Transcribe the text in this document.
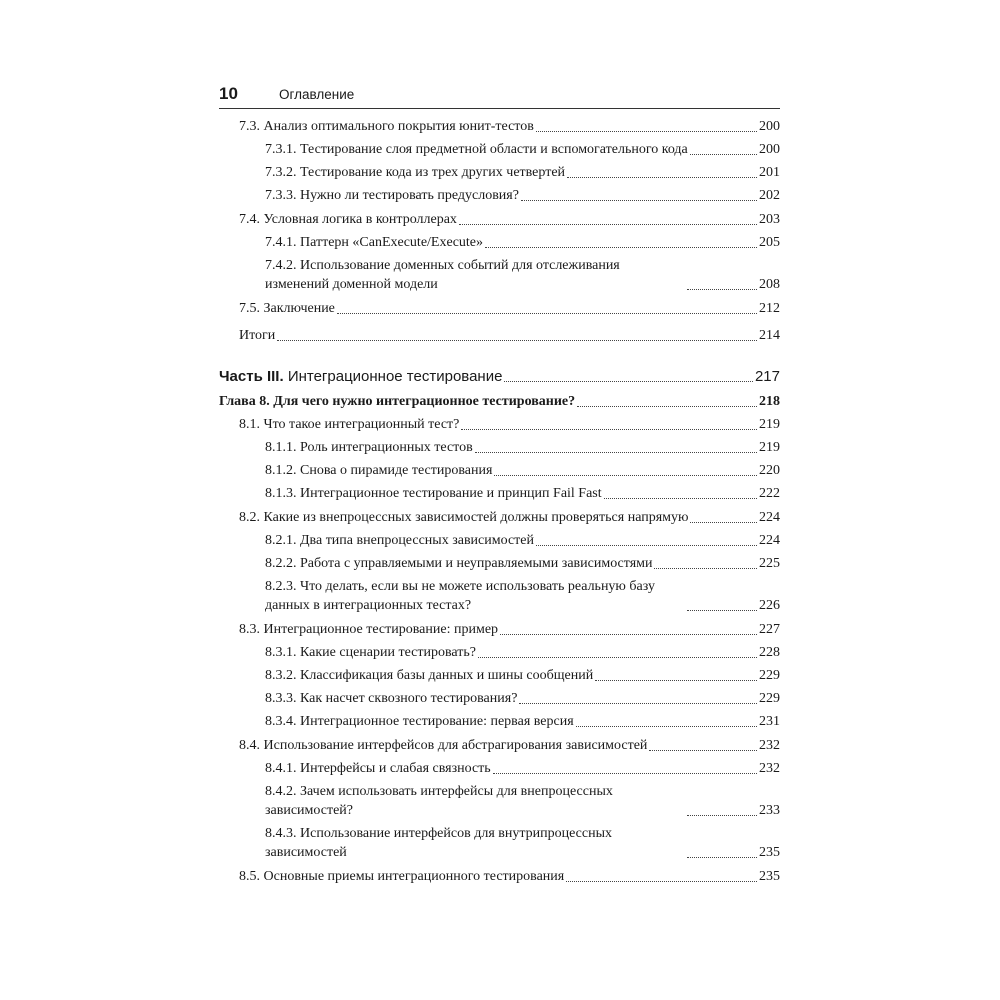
10	Оглавление
7.3. Анализ оптимального покрытия юнит-тестов	200
7.3.1. Тестирование слоя предметной области и вспомогательного кода	200
7.3.2. Тестирование кода из трех других четвертей	201
7.3.3. Нужно ли тестировать предусловия?	202
7.4. Условная логика в контроллерах	203
7.4.1. Паттерн «CanExecute/Execute»	205
7.4.2. Использование доменных событий для отслеживания изменений доменной модели	208
7.5. Заключение	212
Итоги	214
Часть III. Интеграционное тестирование	217
Глава 8. Для чего нужно интеграционное тестирование?	218
8.1. Что такое интеграционный тест?	219
8.1.1. Роль интеграционных тестов	219
8.1.2. Снова о пирамиде тестирования	220
8.1.3. Интеграционное тестирование и принцип Fail Fast	222
8.2. Какие из внепроцессных зависимостей должны проверяться напрямую	224
8.2.1. Два типа внепроцессных зависимостей	224
8.2.2. Работа с управляемыми и неуправляемыми зависимостями	225
8.2.3. Что делать, если вы не можете использовать реальную базу данных в интеграционных тестах?	226
8.3. Интеграционное тестирование: пример	227
8.3.1. Какие сценарии тестировать?	228
8.3.2. Классификация базы данных и шины сообщений	229
8.3.3. Как насчет сквозного тестирования?	229
8.3.4. Интеграционное тестирование: первая версия	231
8.4. Использование интерфейсов для абстрагирования зависимостей	232
8.4.1. Интерфейсы и слабая связность	232
8.4.2. Зачем использовать интерфейсы для внепроцессных зависимостей?	233
8.4.3. Использование интерфейсов для внутрипроцессных зависимостей	235
8.5. Основные приемы интеграционного тестирования	235
